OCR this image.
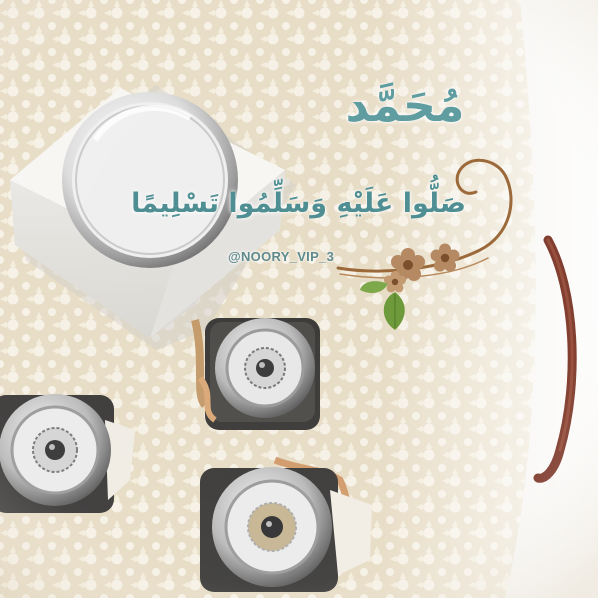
مُحَمَّد
صَلُّوا عَلَيْهِ وَسَلِّمُوا تَسْلِيمًا
@NOORY_VIP_3
